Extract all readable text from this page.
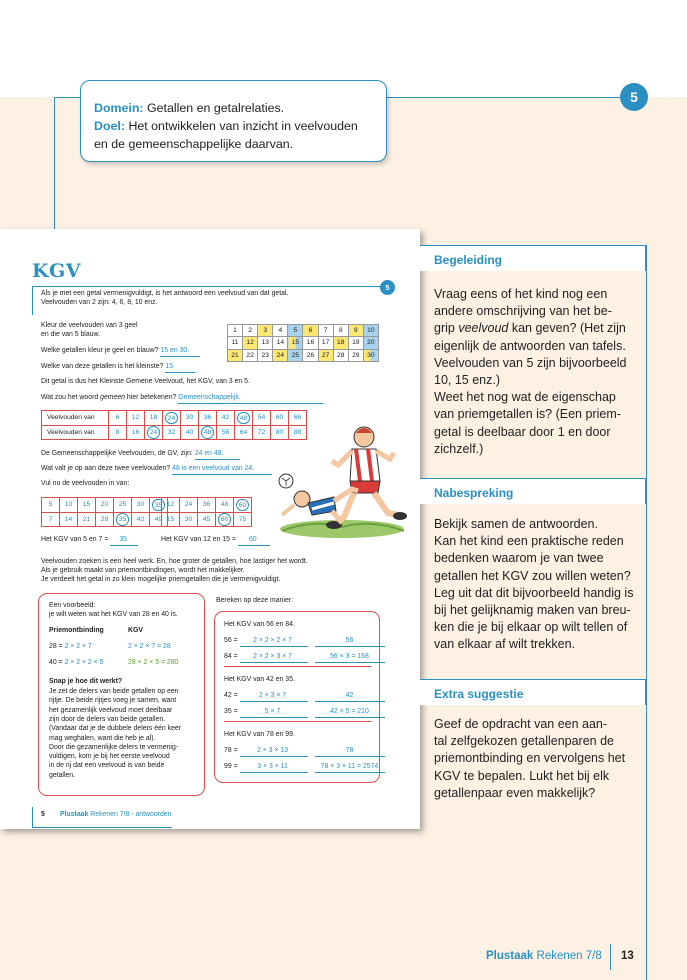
Domein: Getallen en getalrelaties.
Doel: Het ontwikkelen van inzicht in veelvouden
en de gemeenschappelijke daarvan.
5
KGV
5
Als je met een getal vermenigvuldigt, is het antwoord een veelvoud van dat getal.
Veelvouden van 2 zijn: 4, 6, 8, 10 enz.
Kleur de veelvouden van 3 geel
en die van 5 blauw.
Welke getallen kleur je geel en blauw? 15 en 30.
Welke van deze getallen is het kleinste? 15
Dit getal is dus het Kleinste Gemene Veelvoud, het KGV, van 3 en 5.
Wat zou het woord gemeen hier betekenen? Gemeenschappelijk.
1	2	3	4	5	6	7	8	9	10
11	12	13	14	15	16	17	18	19	20
21	22	23	24	25	26	27	28	29	30
Veelvouden van	6	12	18	24	30	36	42	48	54	60	66
Veelvouden van	8	16	24	32	40	48	56	64	72	80	88
De Gemeenschappelijke Veelvouden, de GV, zijn: 24 en 48.
Wat valt je op aan deze twee veelvouden? 48 is een veelvoud van 24.
Vul nu de veelvouden in van:
5	10	15	20	25	30	35
7	14	21	28	35	42	49
12	24	36	48	60
15	30	45	60	75
Het KGV van 5 en 7 = 35	Het KGV van 12 en 15 = 60
Veelvouden zoeken is een heel werk. En, hoe groter de getallen, hoe lastiger het wordt.
Als je gebruik maakt van priemontbindingen, wordt het makkelijker.
Je verdeelt het getal in zo klein mogelijke priemgetallen die je vermenigvuldigt.
Een voorbeeld:
je wilt weten wat het KGV van 28 en 40 is.
Priemontbinding	KGV
28 = 2 × 2 × 7	2 × 2 × 7 = 28
40 = 2 × 2 × 2 × 5	28 × 2 × 5 = 280
Snap je hoe dit werkt?
Je zet de delers van beide getallen op een
rijtje. De beide rijtjes voeg je samen, want
het gezamenlijk veelvoud moet deelbaar
zijn door de delers van beide getallen.
(Vandaar dat je de dubbele delers één keer
mag weghalen, want die heb je al).
Door die gezamenlijke delers te vermenig-
vuldigen, kom je bij het eerste veelvoud
in de rij dat een veelvoud is van beide
getallen.
Bereken op deze manier:
Het KGV van 56 en 84.
56 = 2 × 2 × 2 × 7	56
84 = 2 × 2 × 3 × 7	56 × 3 = 168
Het KGV van 42 en 35.
42 =	2 × 3 × 7	42
35 =	5 × 7	42 × 5 = 210
Het KGV van 78 en 99.
78 =	2 × 3 × 13	78
99 =	3 × 3 × 11	78 × 3 × 11 = 2574
5 Plustaak Rekenen 7/8 - antwoorden
Begeleiding
Vraag eens of het kind nog een
andere omschrijving van het be-
grip veelvoud kan geven? (Het zijn
eigenlijk de antwoorden van tafels.
Veelvouden van 5 zijn bijvoorbeeld
10, 15 enz.)
Weet het nog wat de eigenschap
van priemgetallen is? (Een priem-
getal is deelbaar door 1 en door
zichzelf.)
Nabespreking
Bekijk samen de antwoorden.
Kan het kind een praktische reden
bedenken waarom je van twee
getallen het KGV zou willen weten?
Leg uit dat dit bijvoorbeeld handig is
bij het gelijknamig maken van breu-
ken die je bij elkaar op wilt tellen of
van elkaar af wilt trekken.
Extra suggestie
Geef de opdracht van een aan-
tal zelfgekozen getallenparen de
priemontbinding en vervolgens het
KGV te bepalen. Lukt het bij elk
getallenpaar even makkelijk?
Plustaak Rekenen 7/8 13
